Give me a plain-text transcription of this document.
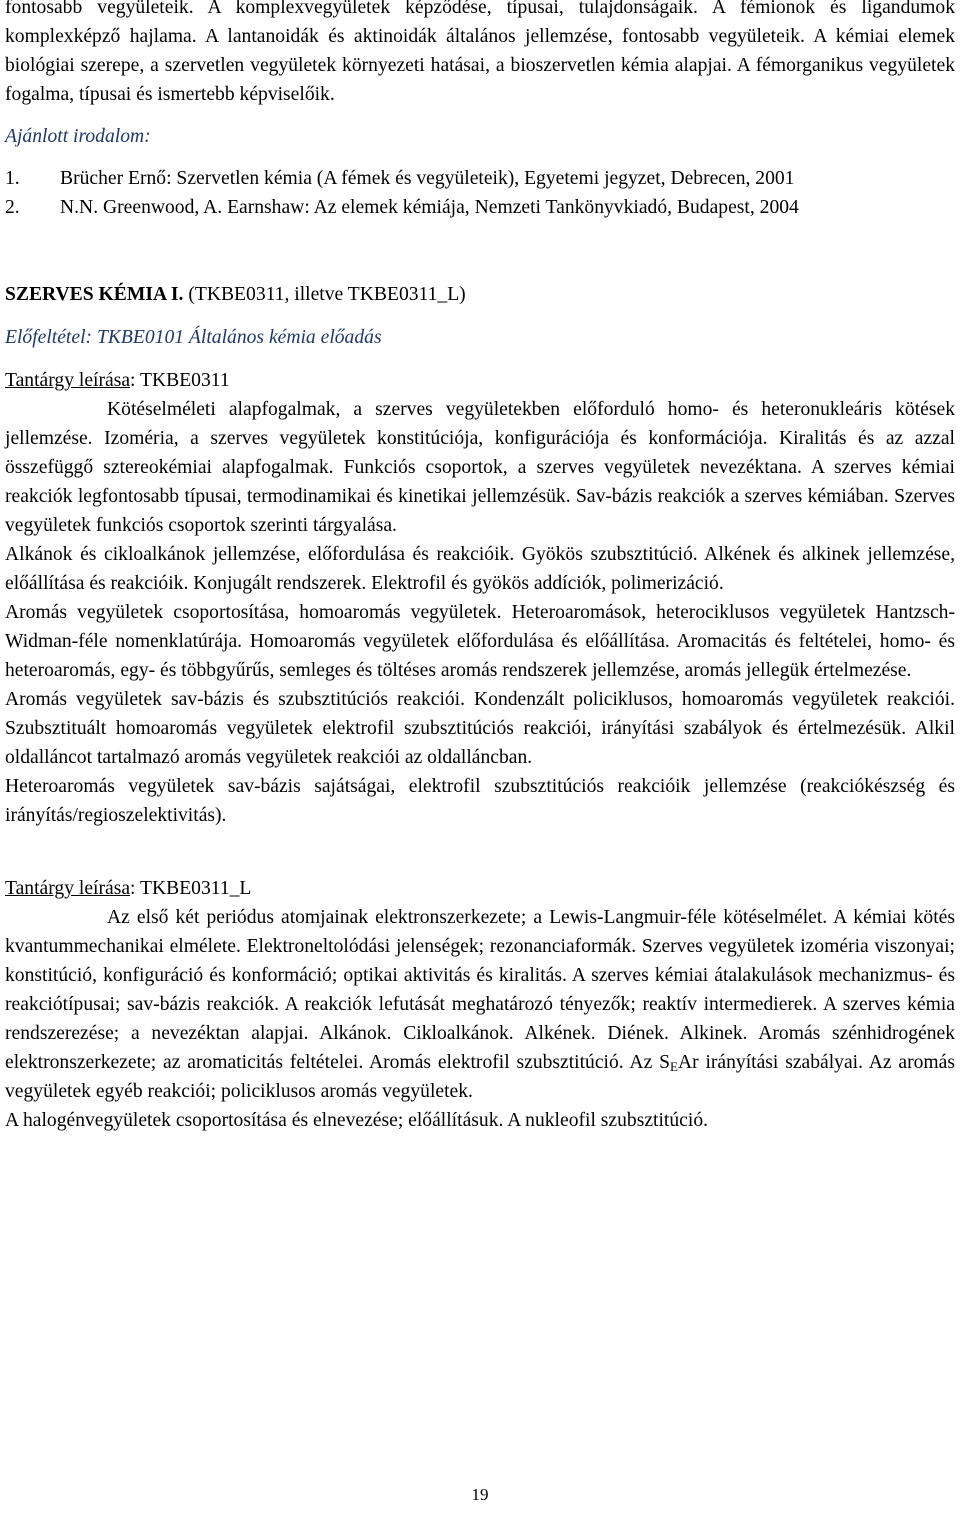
fontosabb vegyületeik. A komplexvegyületek képződése, típusai, tulajdonságaik. A fémionok és ligandumok komplexképző hajlama. A lantanoidák és aktinoidák általános jellemzése, fontosabb vegyületeik. A kémiai elemek biológiai szerepe, a szervetlen vegyületek környezeti hatásai, a bioszervetlen kémia alapjai. A fémorganikus vegyületek fogalma, típusai és ismertebb képviselőik.
Ajánlott irodalom:
1. Brücher Ernő: Szervetlen kémia (A fémek és vegyületeik), Egyetemi jegyzet, Debrecen, 2001
2. N.N. Greenwood, A. Earnshaw: Az elemek kémiája, Nemzeti Tankönyvkiadó, Budapest, 2004
SZERVES KÉMIA I. (TKBE0311, illetve TKBE0311_L)
Előfeltétel: TKBE0101 Általános kémia előadás
Tantárgy leírása: TKBE0311
Kötéselméleti alapfogalmak, a szerves vegyületekben előforduló homo- és heteronukleáris kötések jellemzése. Izoméria, a szerves vegyületek konstitúciója, konfigurációja és konformációja. Kiralitás és az azzal összefüggő sztereokémiai alapfogalmak. Funkciós csoportok, a szerves vegyületek nevezéktana. A szerves kémiai reakciók legfontosabb típusai, termodinamikai és kinetikai jellemzésük. Sav-bázis reakciók a szerves kémiában. Szerves vegyületek funkciós csoportok szerinti tárgyalása.
Alkánok és cikloalkánok jellemzése, előfordulása és reakcióik. Gyökös szubsztitúció. Alkének és alkinek jellemzése, előállítása és reakcióik. Konjugált rendszerek. Elektrofil és gyökös addíciók, polimerizáció.
Aromás vegyületek csoportosítása, homoaromás vegyületek. Heteroaromások, heterociklusos vegyületek Hantzsch-Widman-féle nomenklatúrája. Homoaromás vegyületek előfordulása és előállítása. Aromacitás és feltételei, homo- és heteroaromás, egy- és többgyűrűs, semleges és töltéses aromás rendszerek jellemzése, aromás jellegük értelmezése.
Aromás vegyületek sav-bázis és szubsztitúciós reakciói. Kondenzált policiklusos, homoaromás vegyületek reakciói. Szubsztituált homoaromás vegyületek elektrofil szubsztitúciós reakciói, irányítási szabályok és értelmezésük. Alkil oldalláncot tartalmazó aromás vegyületek reakciói az oldalláncban.
Heteroaromás vegyületek sav-bázis sajátságai, elektrofil szubsztitúciós reakcióik jellemzése (reakciókészség és irányítás/regioszelektivitás).
Tantárgy leírása: TKBE0311_L
Az első két periódus atomjainak elektronszerkezete; a Lewis-Langmuir-féle kötéselmélet. A kémiai kötés kvantummechanikai elmélete. Elektroneltolódási jelenségek; rezonanciaformák. Szerves vegyületek izoméria viszonyai; konstitúció, konfiguráció és konformáció; optikai aktivitás és kiralitás. A szerves kémiai átalakulások mechanizmus- és reakciótípusai; sav-bázis reakciók. A reakciók lefutását meghatározó tényezők; reaktív intermedierek. A szerves kémia rendszerezése; a nevezéktan alapjai. Alkánok. Cikloalkánok. Alkének. Diének. Alkinek. Aromás szénhidrogének elektronszerkezete; az aromaticitás feltételei. Aromás elektrofil szubsztitúció. Az SEAr irányítási szabályai. Az aromás vegyületek egyéb reakciói; policiklusos aromás vegyületek.
A halogénvegyületek csoportosítása és elnevezése; előállításuk. A nukleofil szubsztitúció.
19
